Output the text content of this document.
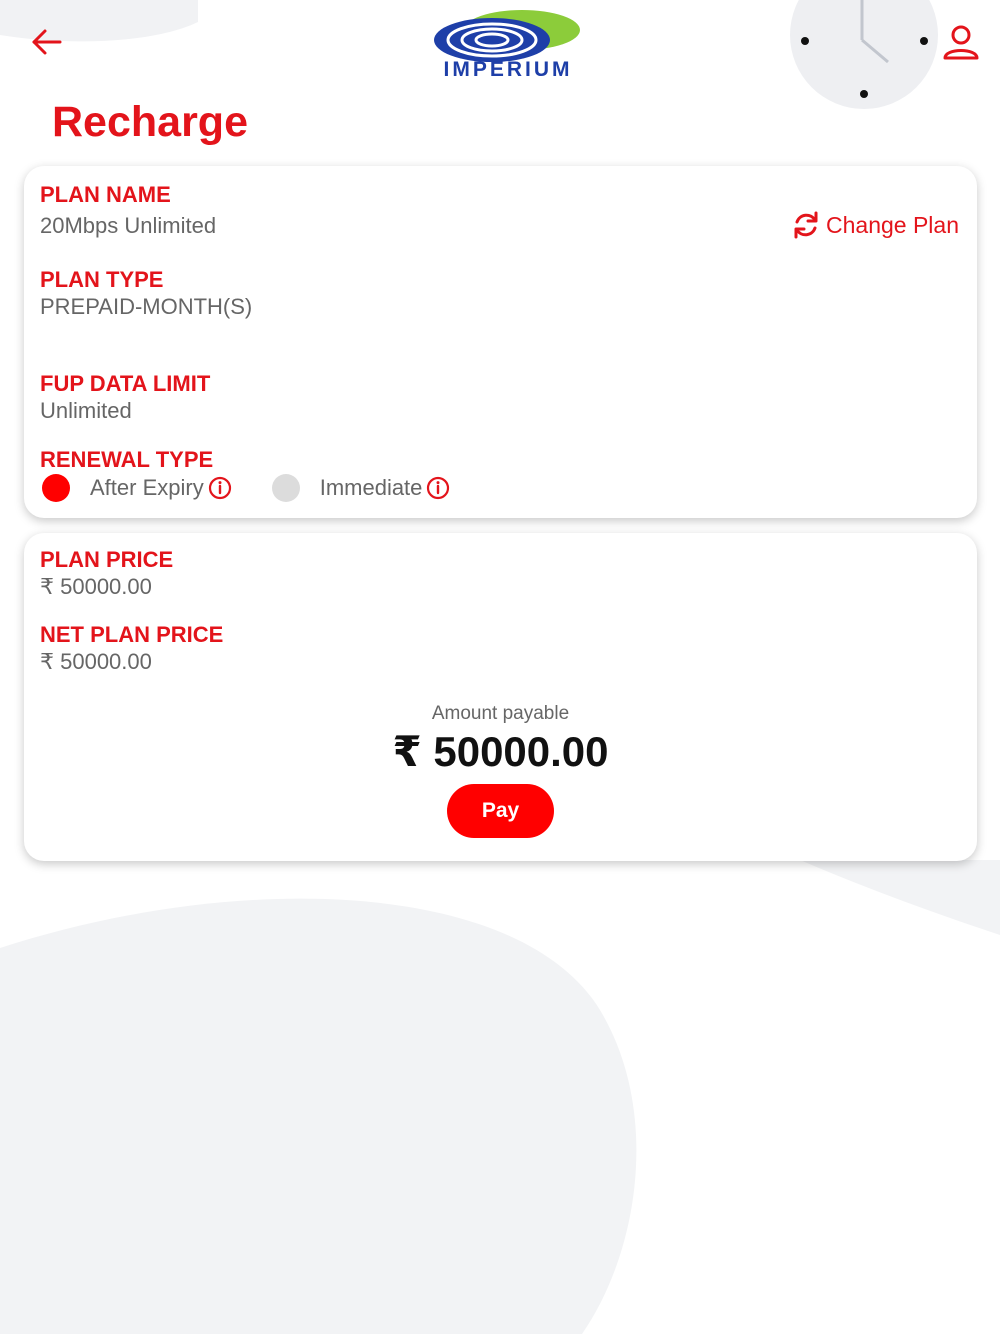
IMPERIUM
Recharge
PLAN NAME
20Mbps Unlimited	Change Plan
PLAN TYPE
PREPAID-MONTH(S)
FUP DATA LIMIT
Unlimited
RENEWAL TYPE
After Expiry	Immediate
PLAN PRICE
₹ 50000.00
NET PLAN PRICE
₹ 50000.00
Amount payable
₹ 50000.00
Pay
